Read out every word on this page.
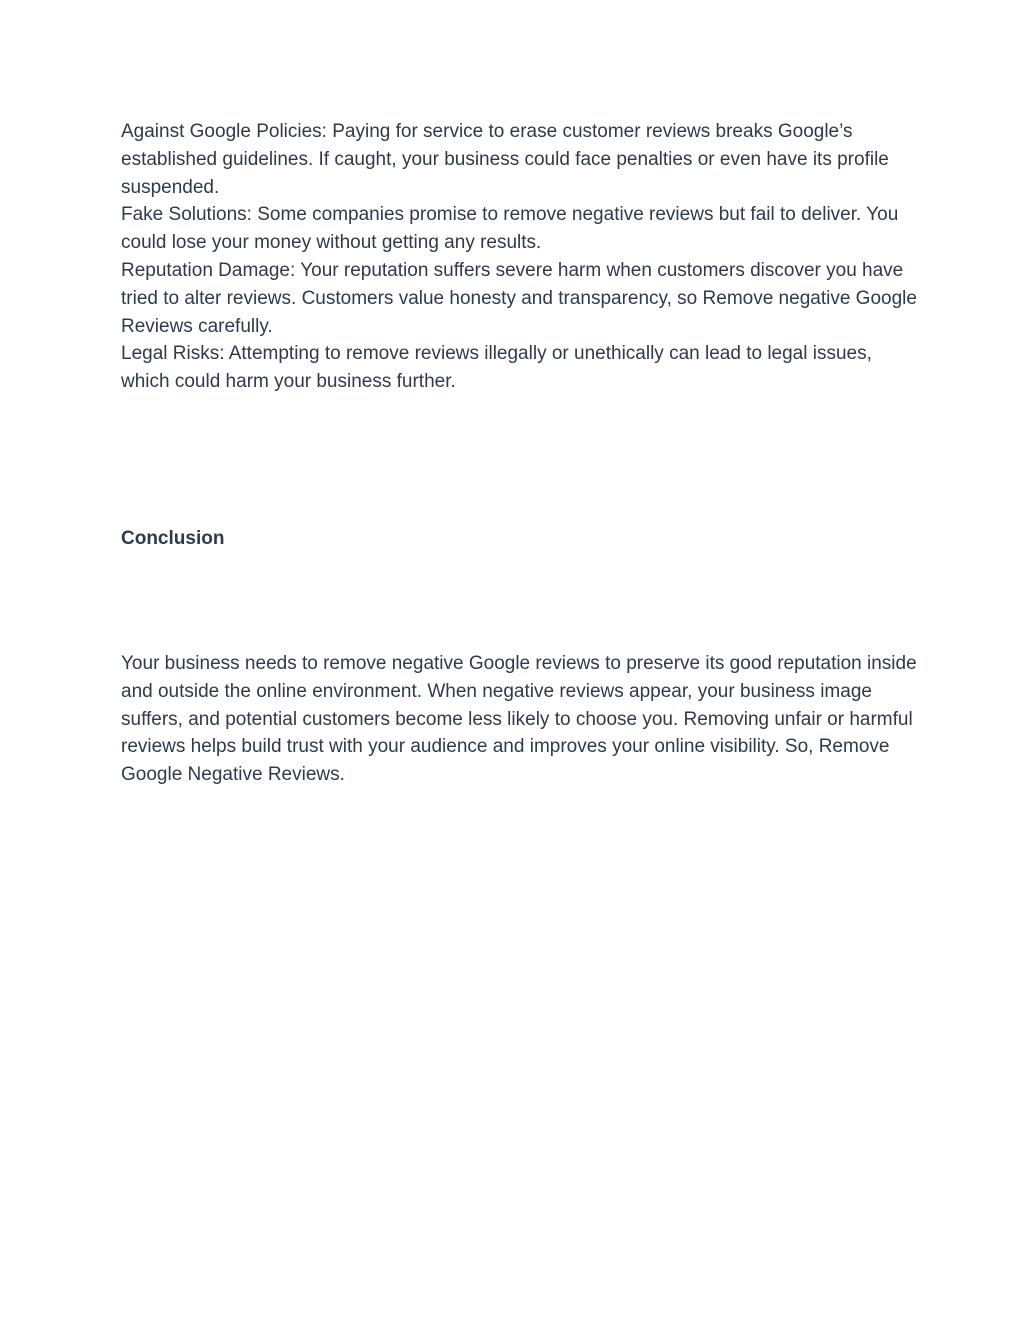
Against Google Policies: Paying for service to erase customer reviews breaks Google’s established guidelines. If caught, your business could face penalties or even have its profile suspended.

Fake Solutions: Some companies promise to remove negative reviews but fail to deliver. You could lose your money without getting any results.

Reputation Damage: Your reputation suffers severe harm when customers discover you have tried to alter reviews. Customers value honesty and transparency, so Remove negative Google Reviews carefully.

Legal Risks: Attempting to remove reviews illegally or unethically can lead to legal issues, which could harm your business further.

Conclusion

Your business needs to remove negative Google reviews to preserve its good reputation inside and outside the online environment. When negative reviews appear, your business image suffers, and potential customers become less likely to choose you. Removing unfair or harmful reviews helps build trust with your audience and improves your online visibility. So, Remove Google Negative Reviews.
